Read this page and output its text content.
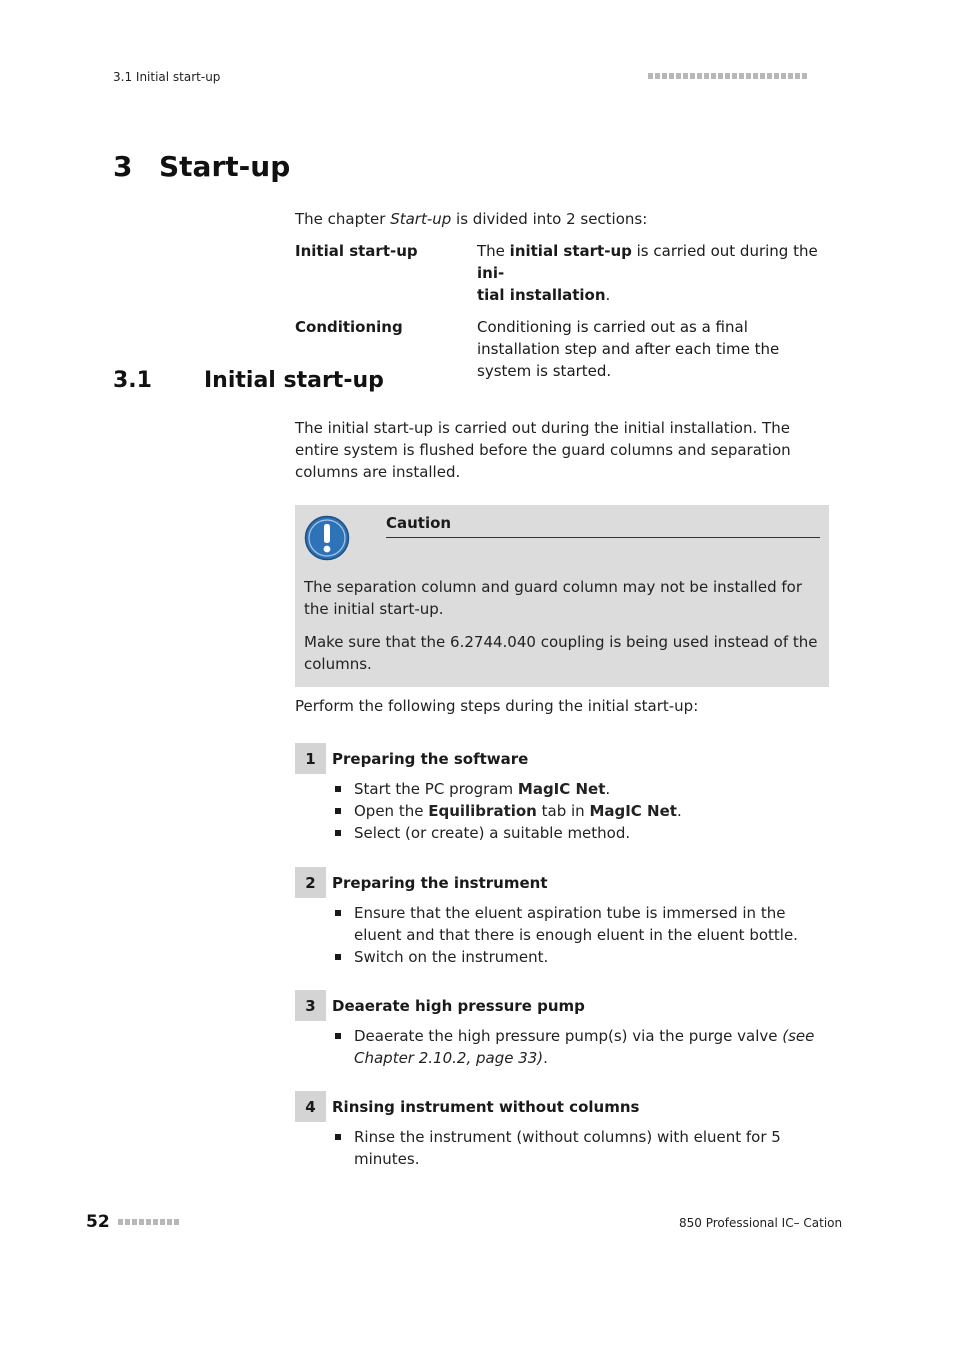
3.1 Initial start-up
3 Start-up
The chapter Start-up is divided into 2 sections:
Initial start-up	The initial start-up is carried out during the ini-
tial installation.
Conditioning	Conditioning is carried out as a final installation step and after each time the system is started.
3.1 Initial start-up
The initial start-up is carried out during the initial installation. The entire system is flushed before the guard columns and separation columns are installed.
Caution

The separation column and guard column may not be installed for the initial start-up.

Make sure that the 6.2744.040 coupling is being used instead of the columns.

Perform the following steps during the initial start-up:
1	Preparing the software
Start the PC program MagIC Net.
Open the Equilibration tab in MagIC Net.
Select (or create) a suitable method.
2	Preparing the instrument
Ensure that the eluent aspiration tube is immersed in the eluent and that there is enough eluent in the eluent bottle.
Switch on the instrument.
3	Deaerate high pressure pump
Deaerate the high pressure pump(s) via the purge valve (see Chapter 2.10.2, page 33).
4	Rinsing instrument without columns
Rinse the instrument (without columns) with eluent for 5 minutes.
52	850 Professional IC– Cation
